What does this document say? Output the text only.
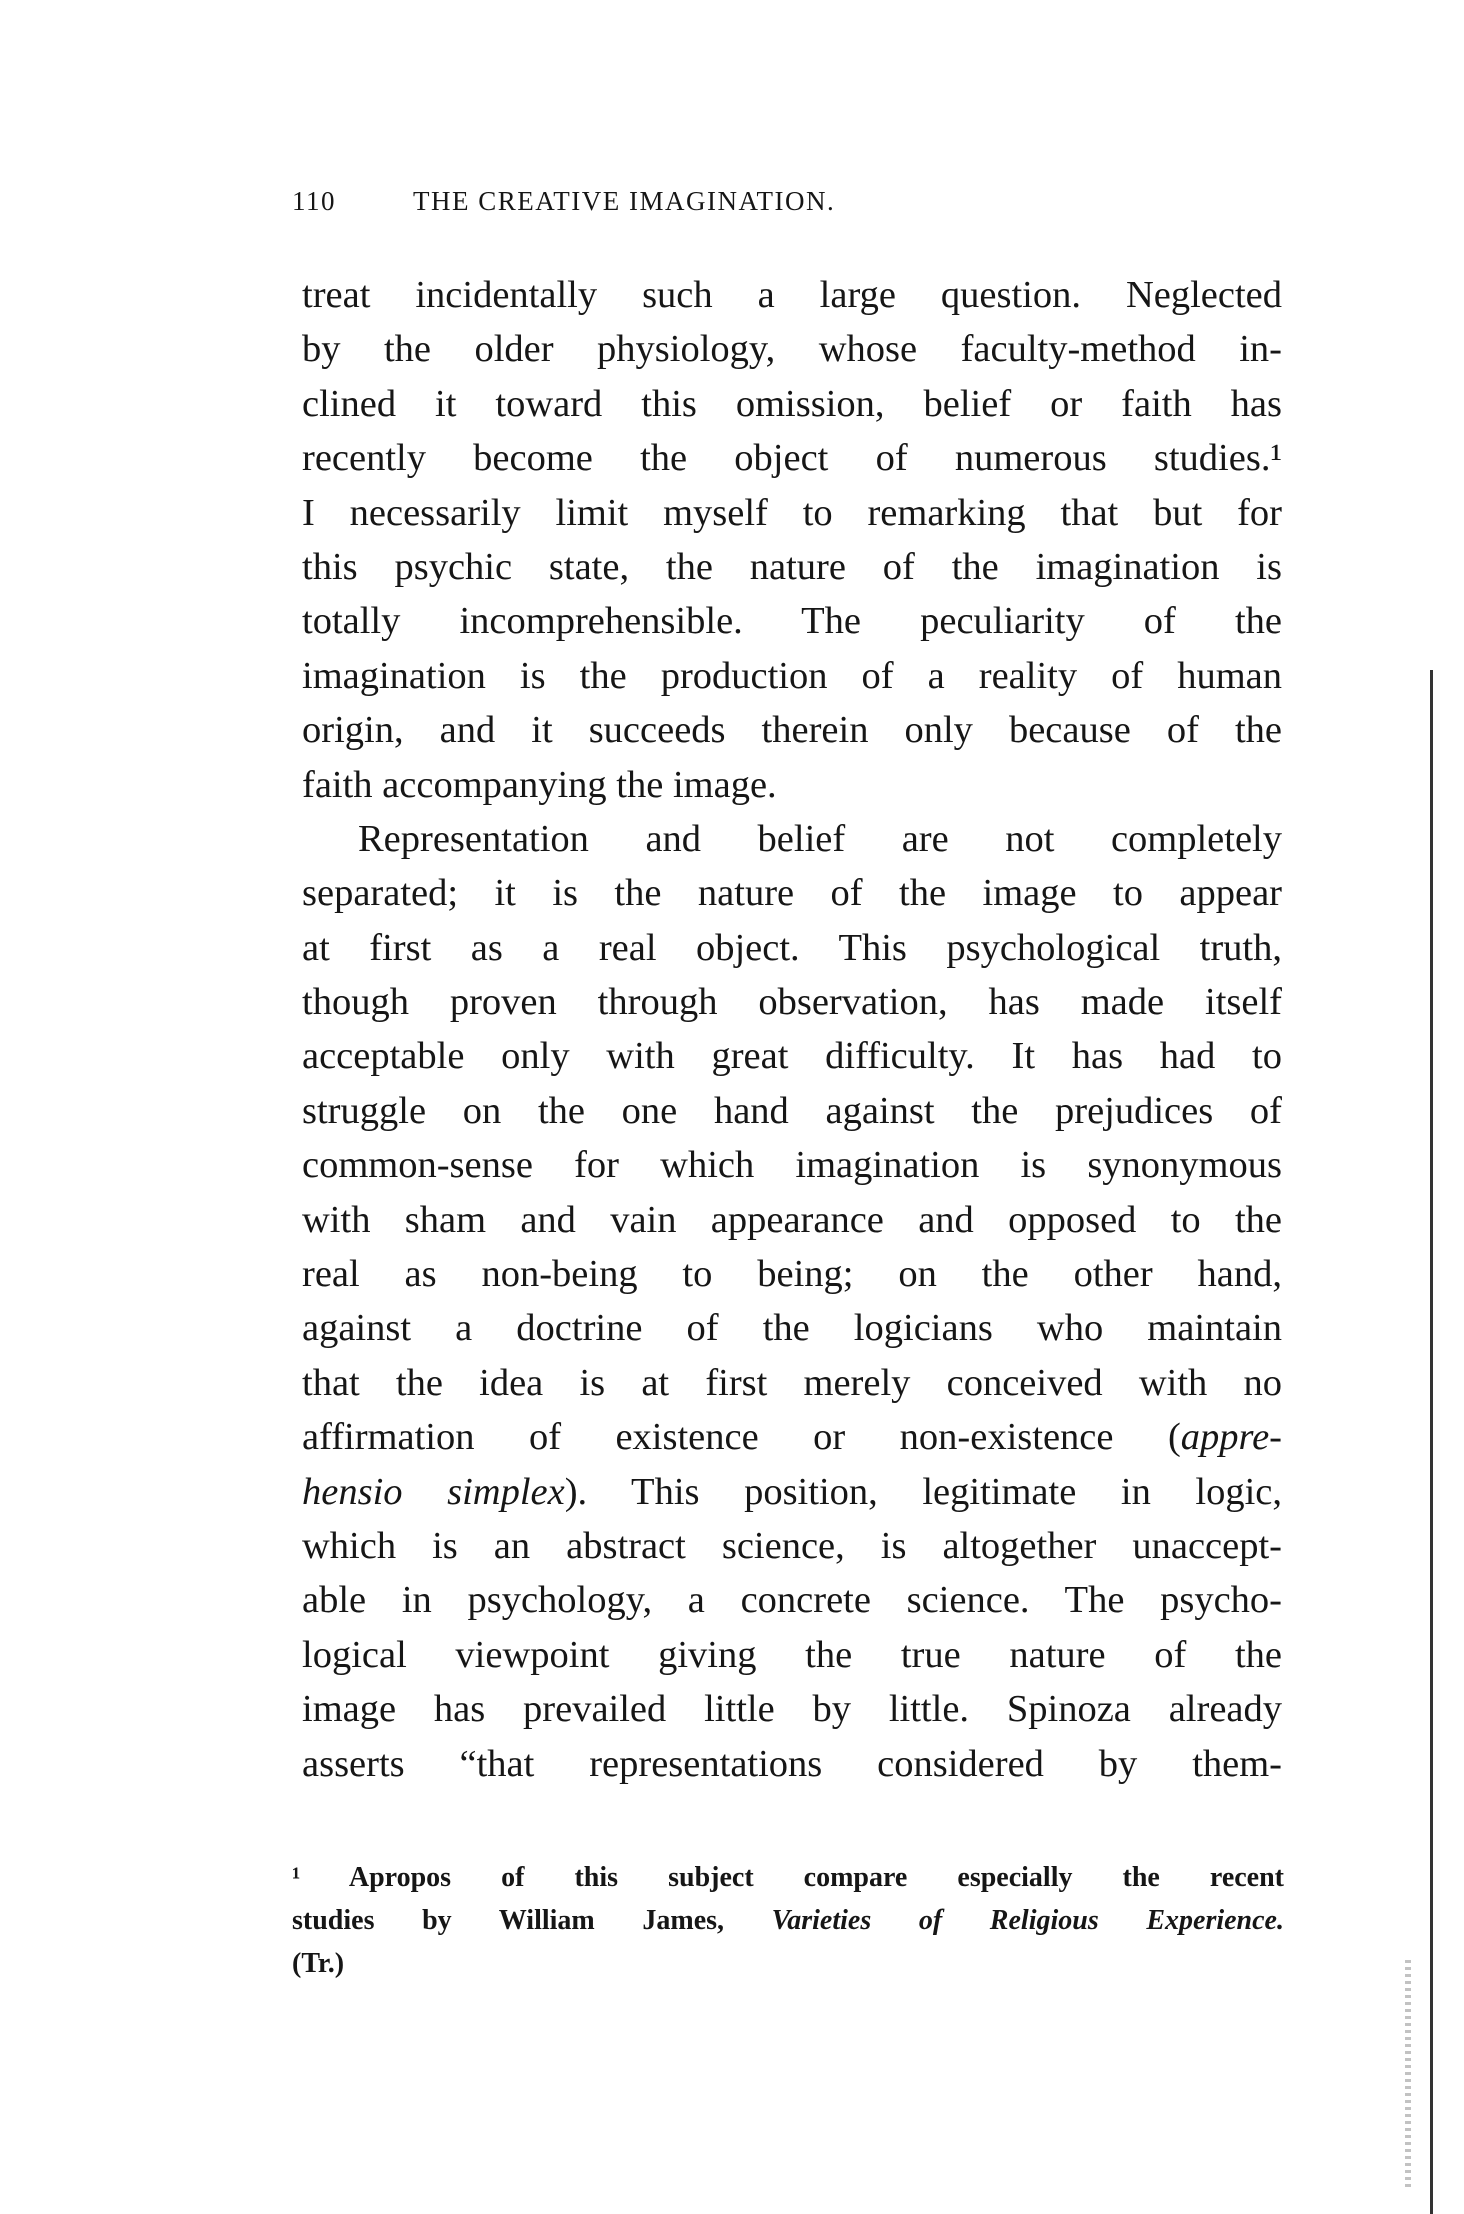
110	THE CREATIVE IMAGINATION.
treat incidentally such a large question. Neglected
by the older physiology, whose faculty-method in-
clined it toward this omission, belief or faith has
recently become the object of numerous studies.¹
I necessarily limit myself to remarking that but for
this psychic state, the nature of the imagination is
totally incomprehensible. The peculiarity of the
imagination is the production of a reality of human
origin, and it succeeds therein only because of the
faith accompanying the image.
Representation and belief are not completely
separated; it is the nature of the image to appear
at first as a real object. This psychological truth,
though proven through observation, has made itself
acceptable only with great difficulty. It has had to
struggle on the one hand against the prejudices of
common-sense for which imagination is synonymous
with sham and vain appearance and opposed to the
real as non-being to being; on the other hand,
against a doctrine of the logicians who maintain
that the idea is at first merely conceived with no
affirmation of existence or non-existence (appre-
hensio simplex). This position, legitimate in logic,
which is an abstract science, is altogether unaccept-
able in psychology, a concrete science. The psycho-
logical viewpoint giving the true nature of the
image has prevailed little by little. Spinoza already
asserts “that representations considered by them-
¹ Apropos of this subject compare especially the recent
studies by William James, Varieties of Religious Experience.
(Tr.)
